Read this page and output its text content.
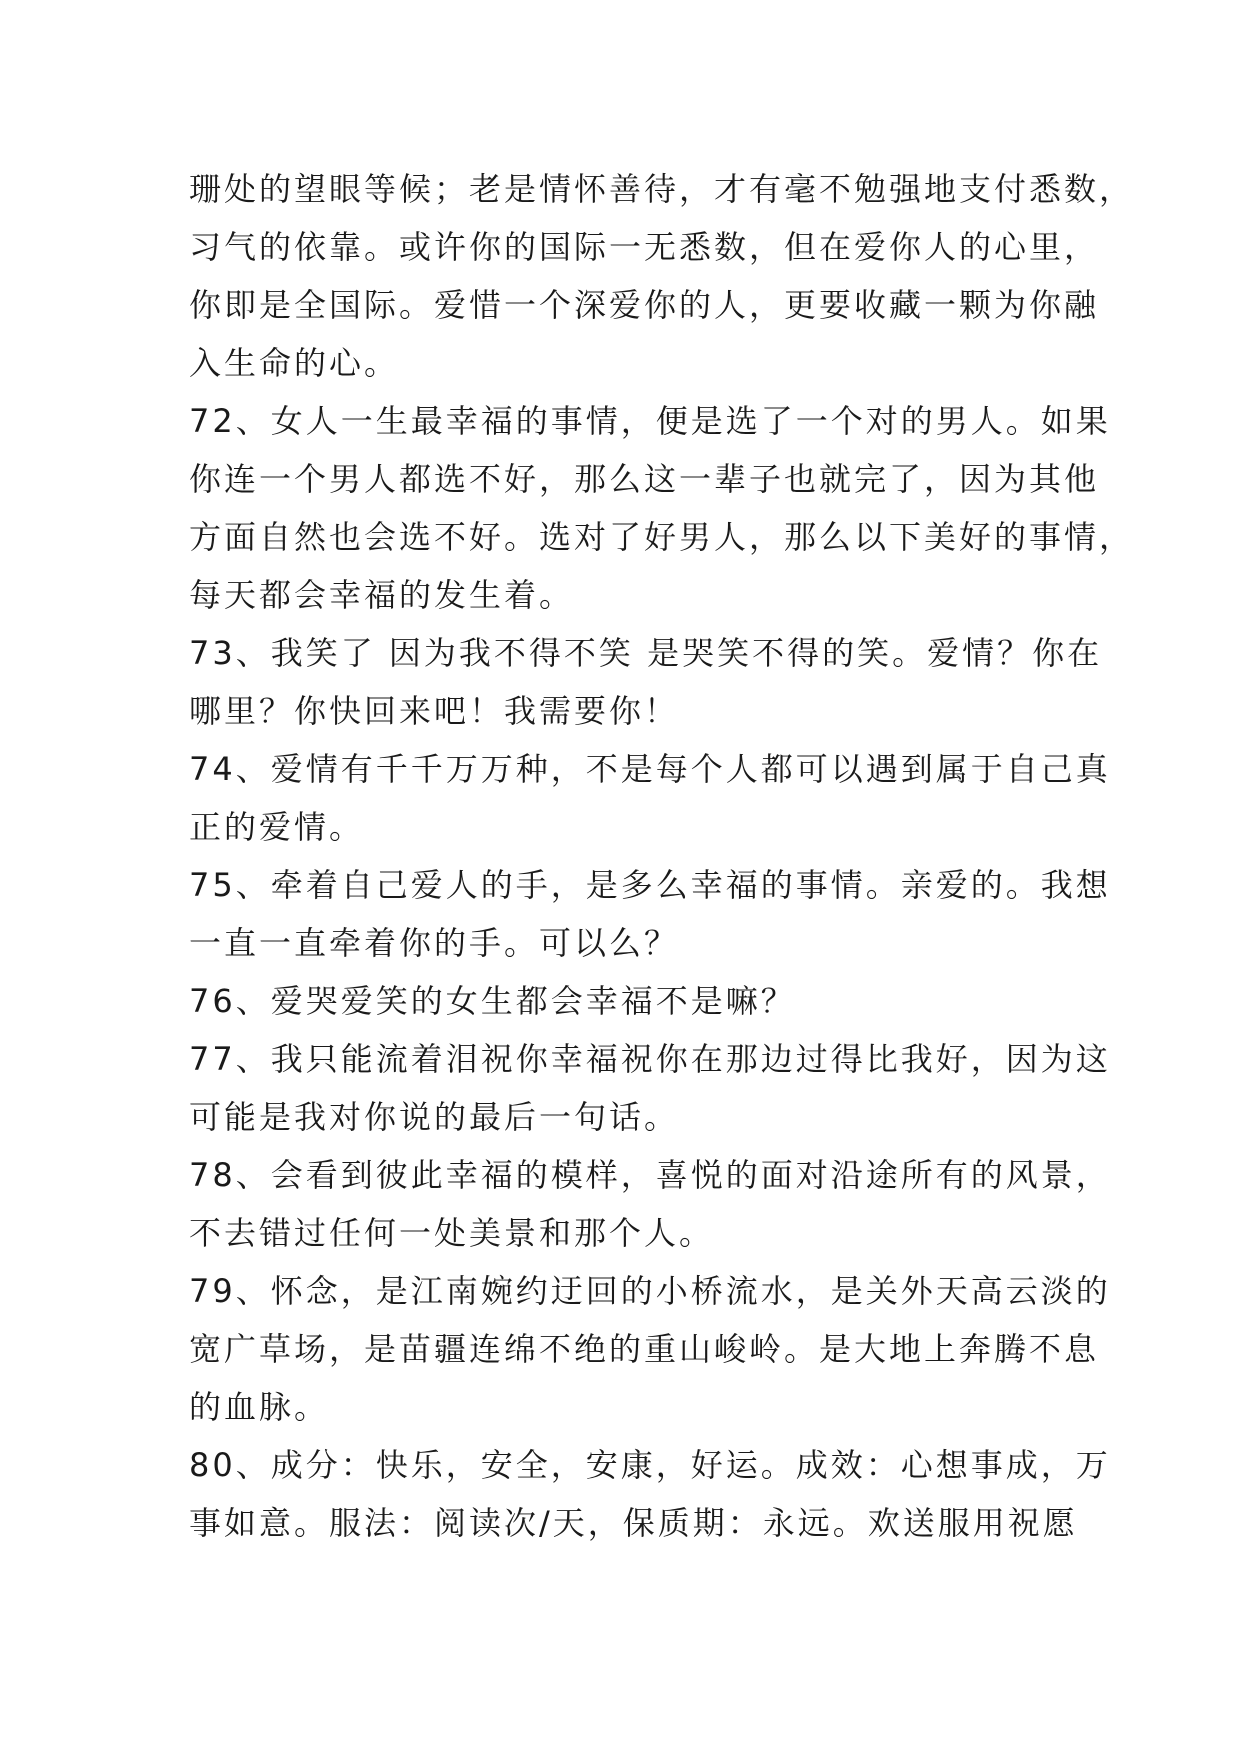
珊处的望眼等候；老是情怀善待，才有毫不勉强地支付悉数，
习气的依靠。或许你的国际一无悉数，但在爱你人的心里，
你即是全国际。爱惜一个深爱你的人，更要收藏一颗为你融
入生命的心。
72、女人一生最幸福的事情，便是选了一个对的男人。如果
你连一个男人都选不好，那么这一辈子也就完了，因为其他
方面自然也会选不好。选对了好男人，那么以下美好的事情，
每天都会幸福的发生着。
73、我笑了 因为我不得不笑 是哭笑不得的笑。爱情？你在
哪里？你快回来吧！我需要你！
74、爱情有千千万万种，不是每个人都可以遇到属于自己真
正的爱情。
75、牵着自己爱人的手，是多么幸福的事情。亲爱的。我想
一直一直牵着你的手。可以么？
76、爱哭爱笑的女生都会幸福不是嘛？
77、我只能流着泪祝你幸福祝你在那边过得比我好，因为这
可能是我对你说的最后一句话。
78、会看到彼此幸福的模样，喜悦的面对沿途所有的风景，
不去错过任何一处美景和那个人。
79、怀念，是江南婉约迂回的小桥流水，是关外天高云淡的
宽广草场，是苗疆连绵不绝的重山峻岭。是大地上奔腾不息
的血脉。
80、成分：快乐，安全，安康，好运。成效：心想事成，万
事如意。服法：阅读次/天，保质期：永远。欢送服用祝愿
